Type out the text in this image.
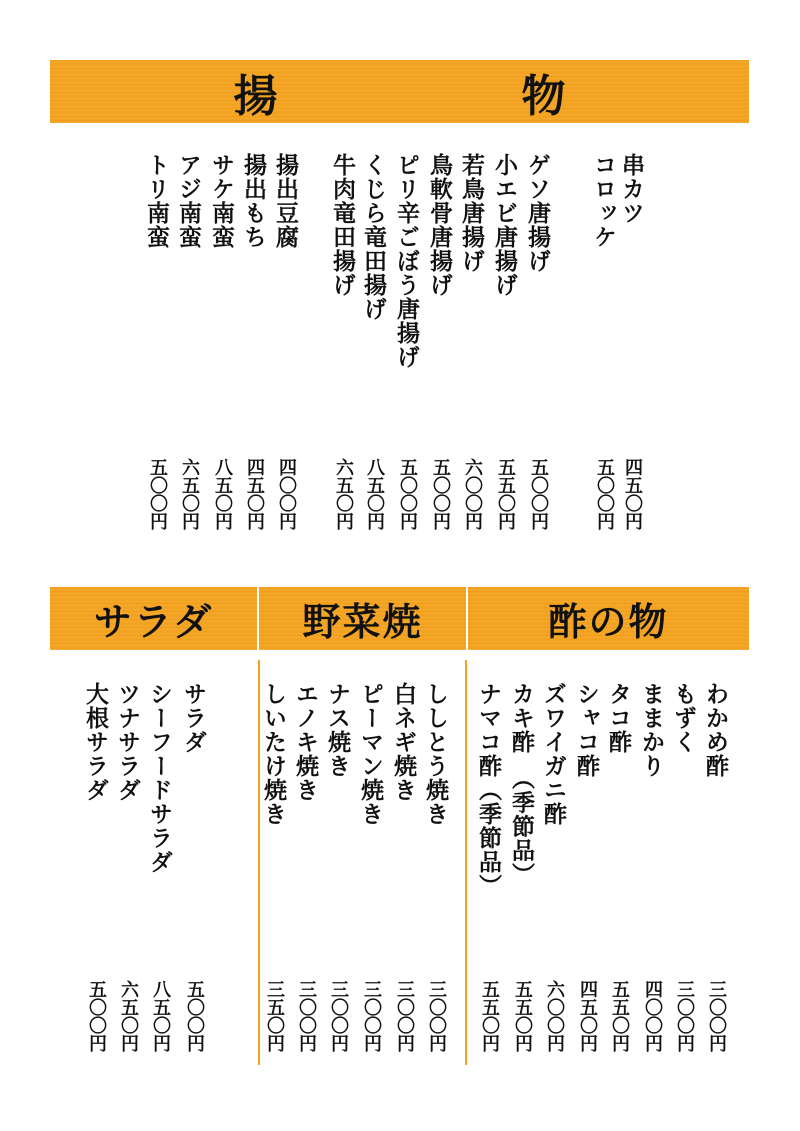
揚　物
串カツ
四五〇円
コロッケ
五〇〇円
ゲソ唐揚げ
五〇〇円
小エビ唐揚げ
五五〇円
若鳥唐揚げ
六〇〇円
鳥軟骨唐揚げ
五〇〇円
ピリ辛ごぼう唐揚げ
五〇〇円
くじら竜田揚げ
八五〇円
牛肉竜田揚げ
六五〇円
揚出豆腐
四〇〇円
揚出もち
四五〇円
サケ南蛮
八五〇円
アジ南蛮
六五〇円
トリ南蛮
五〇〇円
サラダ 野菜焼	酢の物
サラダ
五〇〇円
シーフードサラダ
八五〇円
ツナサラダ
六五〇円
大根サラダ
五〇〇円
ししとう焼き
三〇〇円
白ネギ焼き
三〇〇円
ピーマン焼き
三〇〇円
ナス焼き
三〇〇円
エノキ焼き
三〇〇円
しいたけ焼き
三五〇円
わかめ酢
三〇〇円
もずく
三〇〇円
ままかり
四〇〇円
タコ酢
五五〇円
シャコ酢
四五〇円
ズワイガニ酢
六〇〇円
カキ酢　（季節品）
五五〇円
ナマコ酢（季節品）
五五〇円
